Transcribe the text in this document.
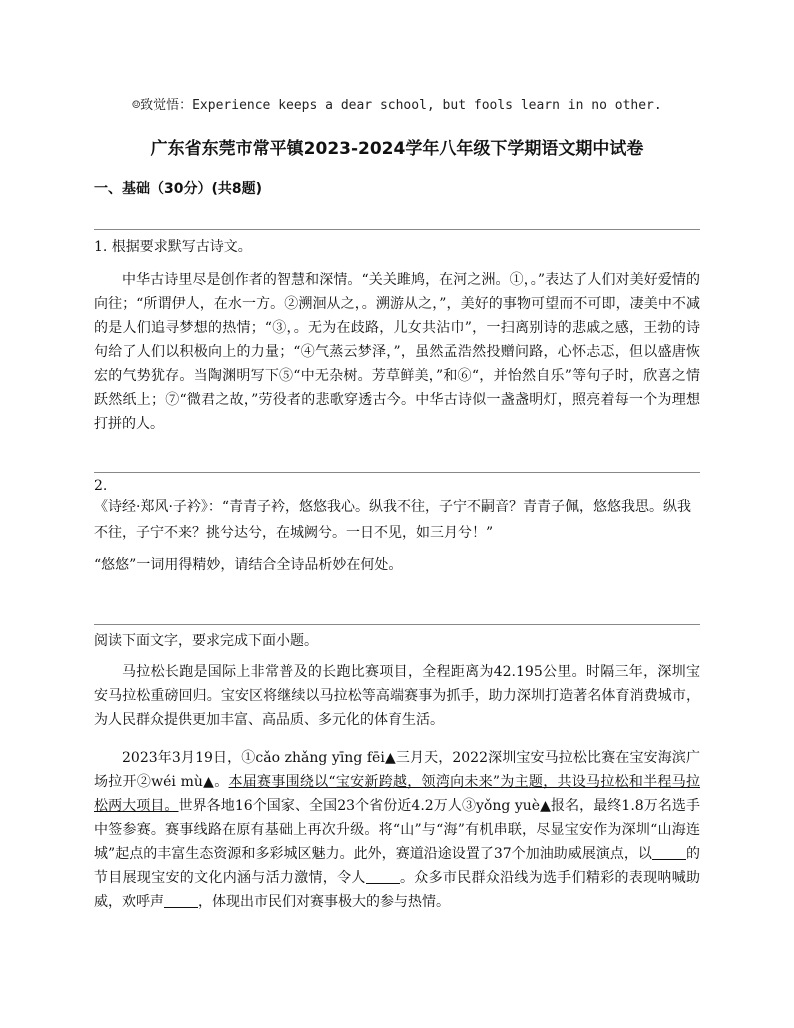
☺致觉悟：Experience keeps a dear school, but fools learn in no other.
广东省东莞市常平镇2023-2024学年八年级下学期语文期中试卷
一、基础（30分）(共8题)
1. 根据要求默写古诗文。

中华古诗里尽是创作者的智慧和深情。“关关雎鸠，在河之洲。①，。”表达了人们对美好爱情的向往；“所谓伊人，在水一方。②溯洄从之，。溯游从之，”，美好的事物可望而不可即，凄美中不减的是人们追寻梦想的热情；“③，。无为在歧路，儿女共沾巾”，一扫离别诗的悲戚之感，王勃的诗句给了人们以积极向上的力量；“④气蒸云梦泽，”，虽然孟浩然投赠问路，心怀忐忑，但以盛唐恢宏的气势犹存。当陶渊明写下⑤“中无杂树。芳草鲜美，”和⑥“，并怡然自乐”等句子时，欣喜之情跃然纸上；⑦“微君之故，”劳役者的悲歌穿透古今。中华古诗似一盏盏明灯，照亮着每一个为理想打拼的人。

2.

《诗经·郑风·子衿》：“青青子衿，悠悠我心。纵我不往，子宁不嗣音？青青子佩，悠悠我思。纵我不往，子宁不来？挑兮达兮，在城阙兮。一日不见，如三月兮！”

“悠悠”一词用得精妙，请结合全诗品析妙在何处。

阅读下面文字，要求完成下面小题。

马拉松长跑是国际上非常普及的长跑比赛项目，全程距离为42.195公里。时隔三年，深圳宝安马拉松重磅回归。宝安区将继续以马拉松等高端赛事为抓手，助力深圳打造著名体育消费城市，为人民群众提供更加丰富、高品质、多元化的体育生活。

2023年3月19日，①cǎo zhǎng yīng fēi▲三月天，2022深圳宝安马拉松比赛在宝安海滨广场拉开②wéi mù▲。本届赛事围绕以“宝安新跨越，领湾向未来”为主题，共设马拉松和半程马拉松两大项目。世界各地16个国家、全国23个省份近4.2万人③yǒng yuè▲报名，最终1.8万名选手中签参赛。赛事线路在原有基础上再次升级。将“山”与“海”有机串联，尽显宝安作为深圳“山海连城”起点的丰富生态资源和多彩城区魅力。此外，赛道沿途设置了37个加油助威展演点，以 的节目展现宝安的文化内涵与活力激情，令人 。众多市民群众沿线为选手们精彩的表现呐喊助威，欢呼声 ，体现出市民们对赛事极大的参与热情。
